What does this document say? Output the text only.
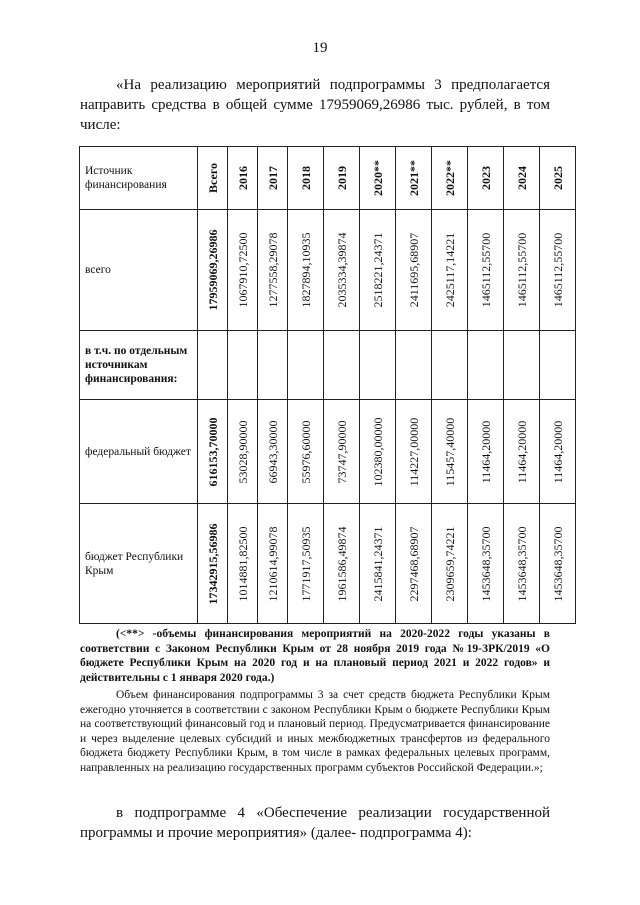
19

«На реализацию мероприятий подпрограммы 3 предполагается направить средства в общей сумме 17959069,26986 тыс. рублей, в том числе:

Источник финансирования	Всего	2016	2017	2018	2019	2020**	2021**	2022**	2023	2024	2025

всего	17959069,26986	1067910,72500	1277558,29078	1827894,10935	2035334,39874	2518221,24371	2411695,68907	2425117,14221	1465112,55700	1465112,55700	1465112,55700

в т.ч. по отдельным источникам финансирования:											
федеральный бюджет	616153,70000	53028,90000	66943,30000	55976,60000	73747,90000	102380,00000	114227,00000	115457,40000	11464,20000	11464,20000	11464,20000

бюджет Республики Крым	17342915,56986	1014881,82500	1210614,99078	1771917,50935	1961586,49874	2415841,24371	2297468,68907	2309659,74221	1453648,35700	1453648,35700	1453648,35700

(<**> -объемы финансирования мероприятий на 2020-2022 годы указаны в соответствии с Законом Республики Крым от 28 ноября 2019 года №19-ЗРК/2019 «О бюджете Республики Крым на 2020 год и на плановый период 2021 и 2022 годов» и действительны с 1 января 2020 года.)

Объем финансирования подпрограммы 3 за счет средств бюджета Республики Крым ежегодно уточняется в соответствии с законом Республики Крым о бюджете Республики Крым на соответствующий финансовый год и плановый период. Предусматривается финансирование и через выделение целевых субсидий и иных межбюджетных трансфертов из федерального бюджета бюджету Республики Крым, в том числе в рамках федеральных целевых программ, направленных на реализацию государственных программ субъектов Российской Федерации.»;

в подпрограмме 4 «Обеспечение реализации государственной программы и прочие мероприятия» (далее- подпрограмма 4):
